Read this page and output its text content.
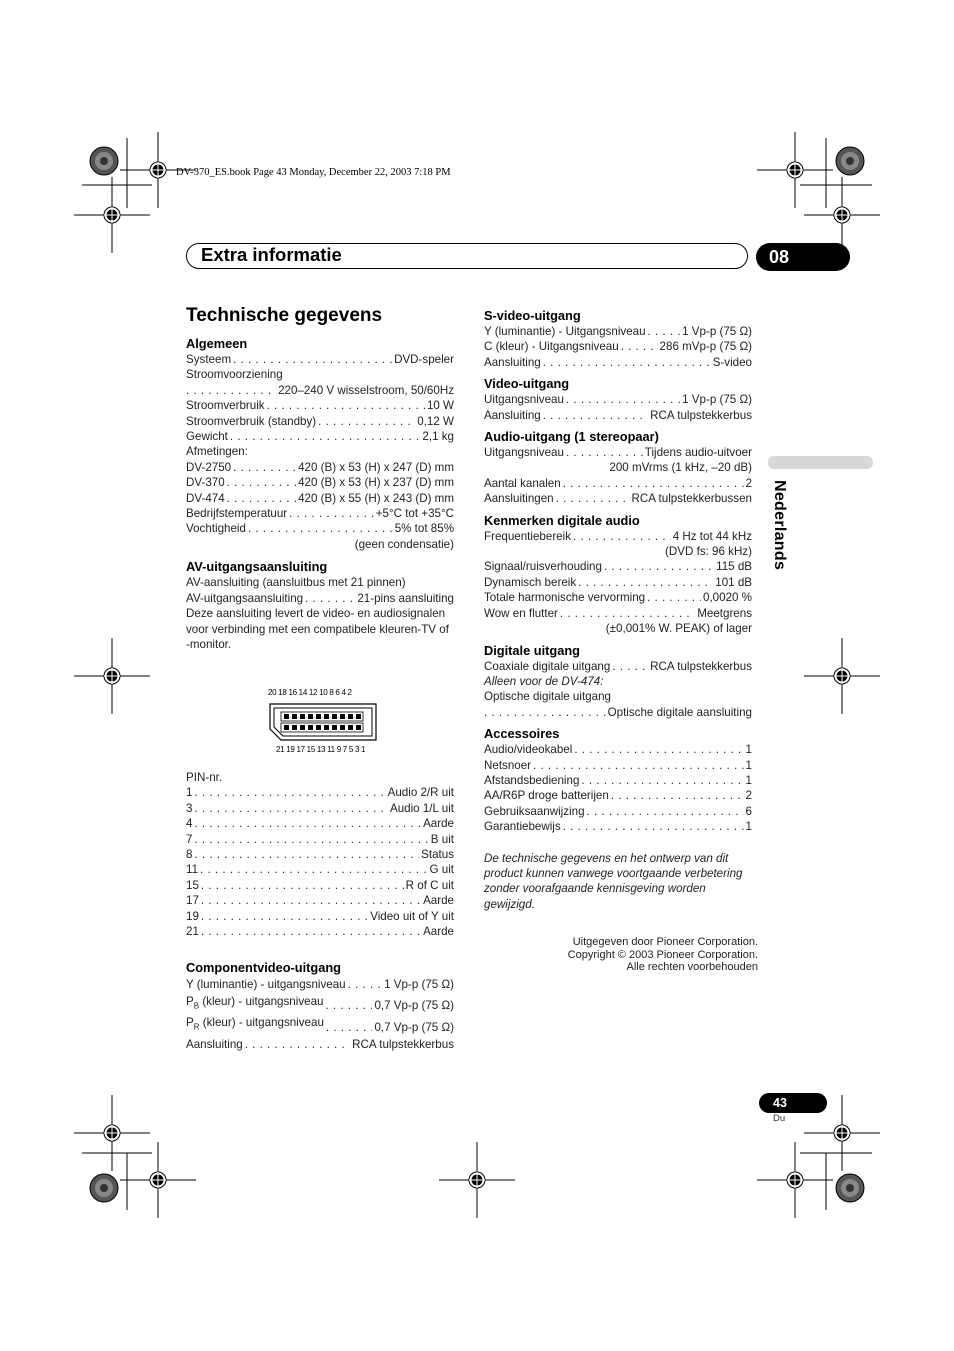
DV-370_ES.book Page 43 Monday, December 22, 2003 7:18 PM
Extra informatie	08
Nederlands
Technische gegevens
Algemeen
Systeem . . .	DVD-speler
Stroomvoorziening
. . .
220–240 V wisselstroom, 50/60Hz
Stroomverbruik . . .	10 W
Stroomverbruik (standby) . . .	0,12 W
Gewicht . . .	2,1 kg
Afmetingen:
DV-2750 . . .	420 (B) x 53 (H) x 247 (D) mm
DV-370 . . .	420 (B) x 53 (H) x 237 (D) mm
DV-474 . . .	420 (B) x 55 (H) x 243 (D) mm
Bedrijfstemperatuur . . .	+5°C tot +35°C
Vochtigheid . . .	5% tot 85%
(geen condensatie)
AV-uitgangsaansluiting
AV-aansluiting (aansluitbus met 21 pinnen)
AV-uitgangsaansluiting . . .	21-pins aansluiting
Deze aansluiting levert de video- en audiosignalen voor verbinding met een compatibele kleuren-TV of -monitor.
20 18 16 14 12 10 8 6 4 2
21 19 17 15 13 11 9 7 5 3 1
PIN-nr.
1 . . .	Audio 2/R uit
3 . . .	Audio 1/L uit
4 . . .	Aarde
7 . . .	B uit
8 . . .	Status
11 . . .	G uit
15 . . .	R of C uit
17 . . .	Aarde
19 . . .	Video uit of Y uit
21 . . .	Aarde
Componentvideo-uitgang
Y (luminantie) - uitgangsniveau . . .	1 Vp-p (75 Ω)
$P_B$ (kleur) - uitgangsniveau . . .	0,7 Vp-p (75 Ω)
$P_R$ (kleur) - uitgangsniveau . . .	0,7 Vp-p (75 Ω)
Aansluiting . . .	RCA tulpstekkerbus
S-video-uitgang
Y (luminantie) - Uitgangsniveau . . .	1 Vp-p (75 Ω)
C (kleur) - Uitgangsniveau . . .	286 mVp-p (75 Ω)
Aansluiting . . .	S-video
Video-uitgang
Uitgangsniveau . . .	1 Vp-p (75 Ω)
Aansluiting . . .	RCA tulpstekkerbus
Audio-uitgang (1 stereopaar)
Uitgangsniveau . . .	Tijdens audio-uitvoer
200 mVrms (1 kHz, –20 dB)
Aantal kanalen . . .	2
Aansluitingen . . .	RCA tulpstekkerbussen
Kenmerken digitale audio
Frequentiebereik . . .	4 Hz tot 44 kHz
(DVD fs: 96 kHz)
Signaal/ruisverhouding . . .	115 dB
Dynamisch bereik . . .	101 dB
Totale harmonische vervorming . . .	0,0020 %
Wow en flutter . . .	Meetgrens
(±0,001% W. PEAK) of lager
Digitale uitgang
Coaxiale digitale uitgang . . .	RCA tulpstekkerbus
Alleen voor de DV-474:
Optische digitale uitgang
. . .
Optische digitale aansluiting
Accessoires
Audio/videokabel . . .	1
Netsnoer . . .	1
Afstandsbediening . . .	1
AA/R6P droge batterijen . . .	2
Gebruiksaanwijzing . . .	6
Garantiebewijs . . .	1
De technische gegevens en het ontwerp van dit product kunnen vanwege voortgaande verbetering zonder voorafgaande kennisgeving worden gewijzigd.
Uitgegeven door Pioneer Corporation.
Copyright © 2003 Pioneer Corporation.
Alle rechten voorbehouden
43
Du
